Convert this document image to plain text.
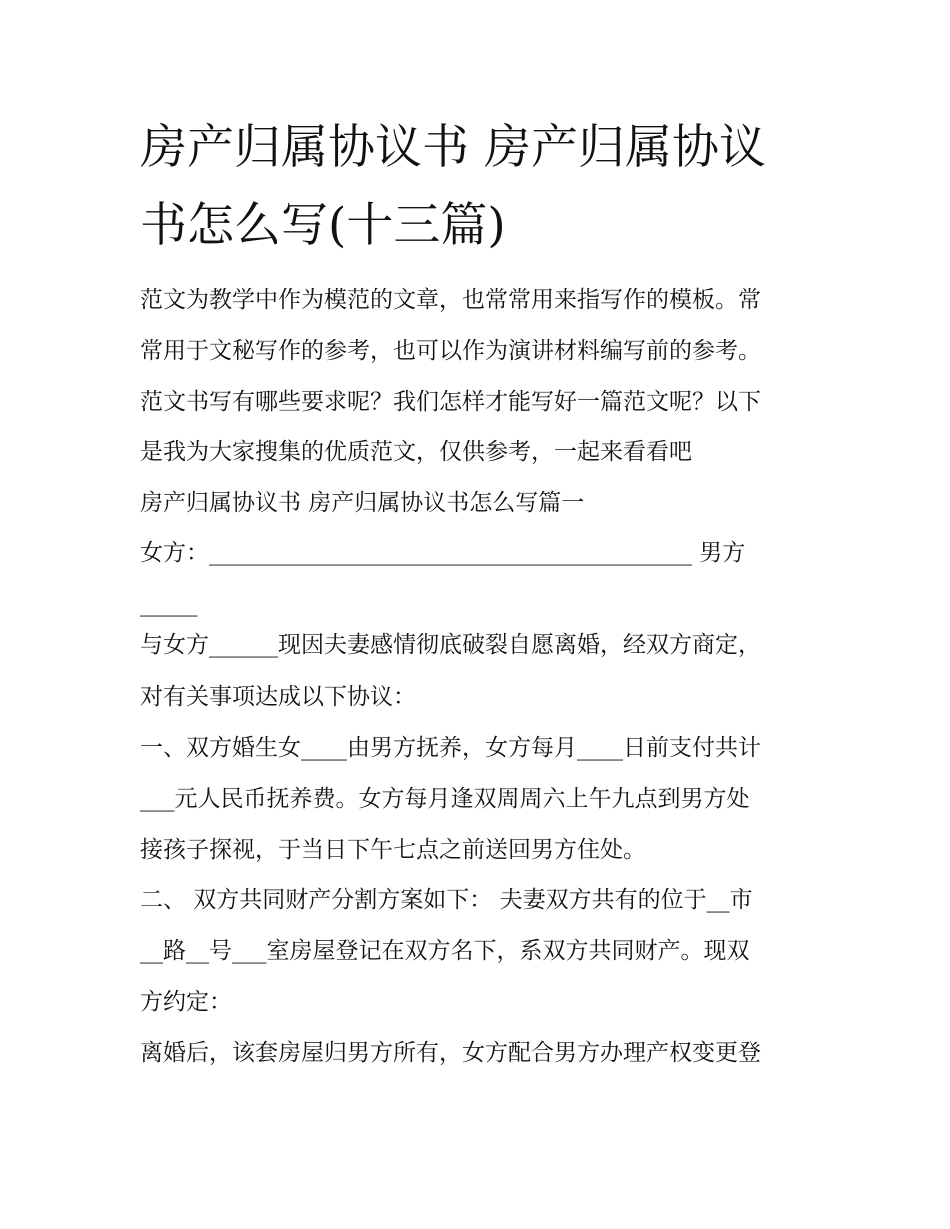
房产归属协议书 房产归属协议
书怎么写(十三篇)
范文为教学中作为模范的文章，也常常用来指写作的模板。常
常用于文秘写作的参考，也可以作为演讲材料编写前的参考。
范文书写有哪些要求呢？我们怎样才能写好一篇范文呢？以下
是我为大家搜集的优质范文，仅供参考，一起来看看吧
房产归属协议书 房产归属协议书怎么写篇一
女方：__________________________________________ 男方
_____
与女方______现因夫妻感情彻底破裂自愿离婚，经双方商定，
对有关事项达成以下协议：
一、双方婚生女____由男方抚养，女方每月____日前支付共计
___元人民币抚养费。女方每月逢双周周六上午九点到男方处
接孩子探视，于当日下午七点之前送回男方住处。
二、 双方共同财产分割方案如下： 夫妻双方共有的位于__市
__路__号___室房屋登记在双方名下，系双方共同财产。现双
方约定：
离婚后，该套房屋归男方所有，女方配合男方办理产权变更登
